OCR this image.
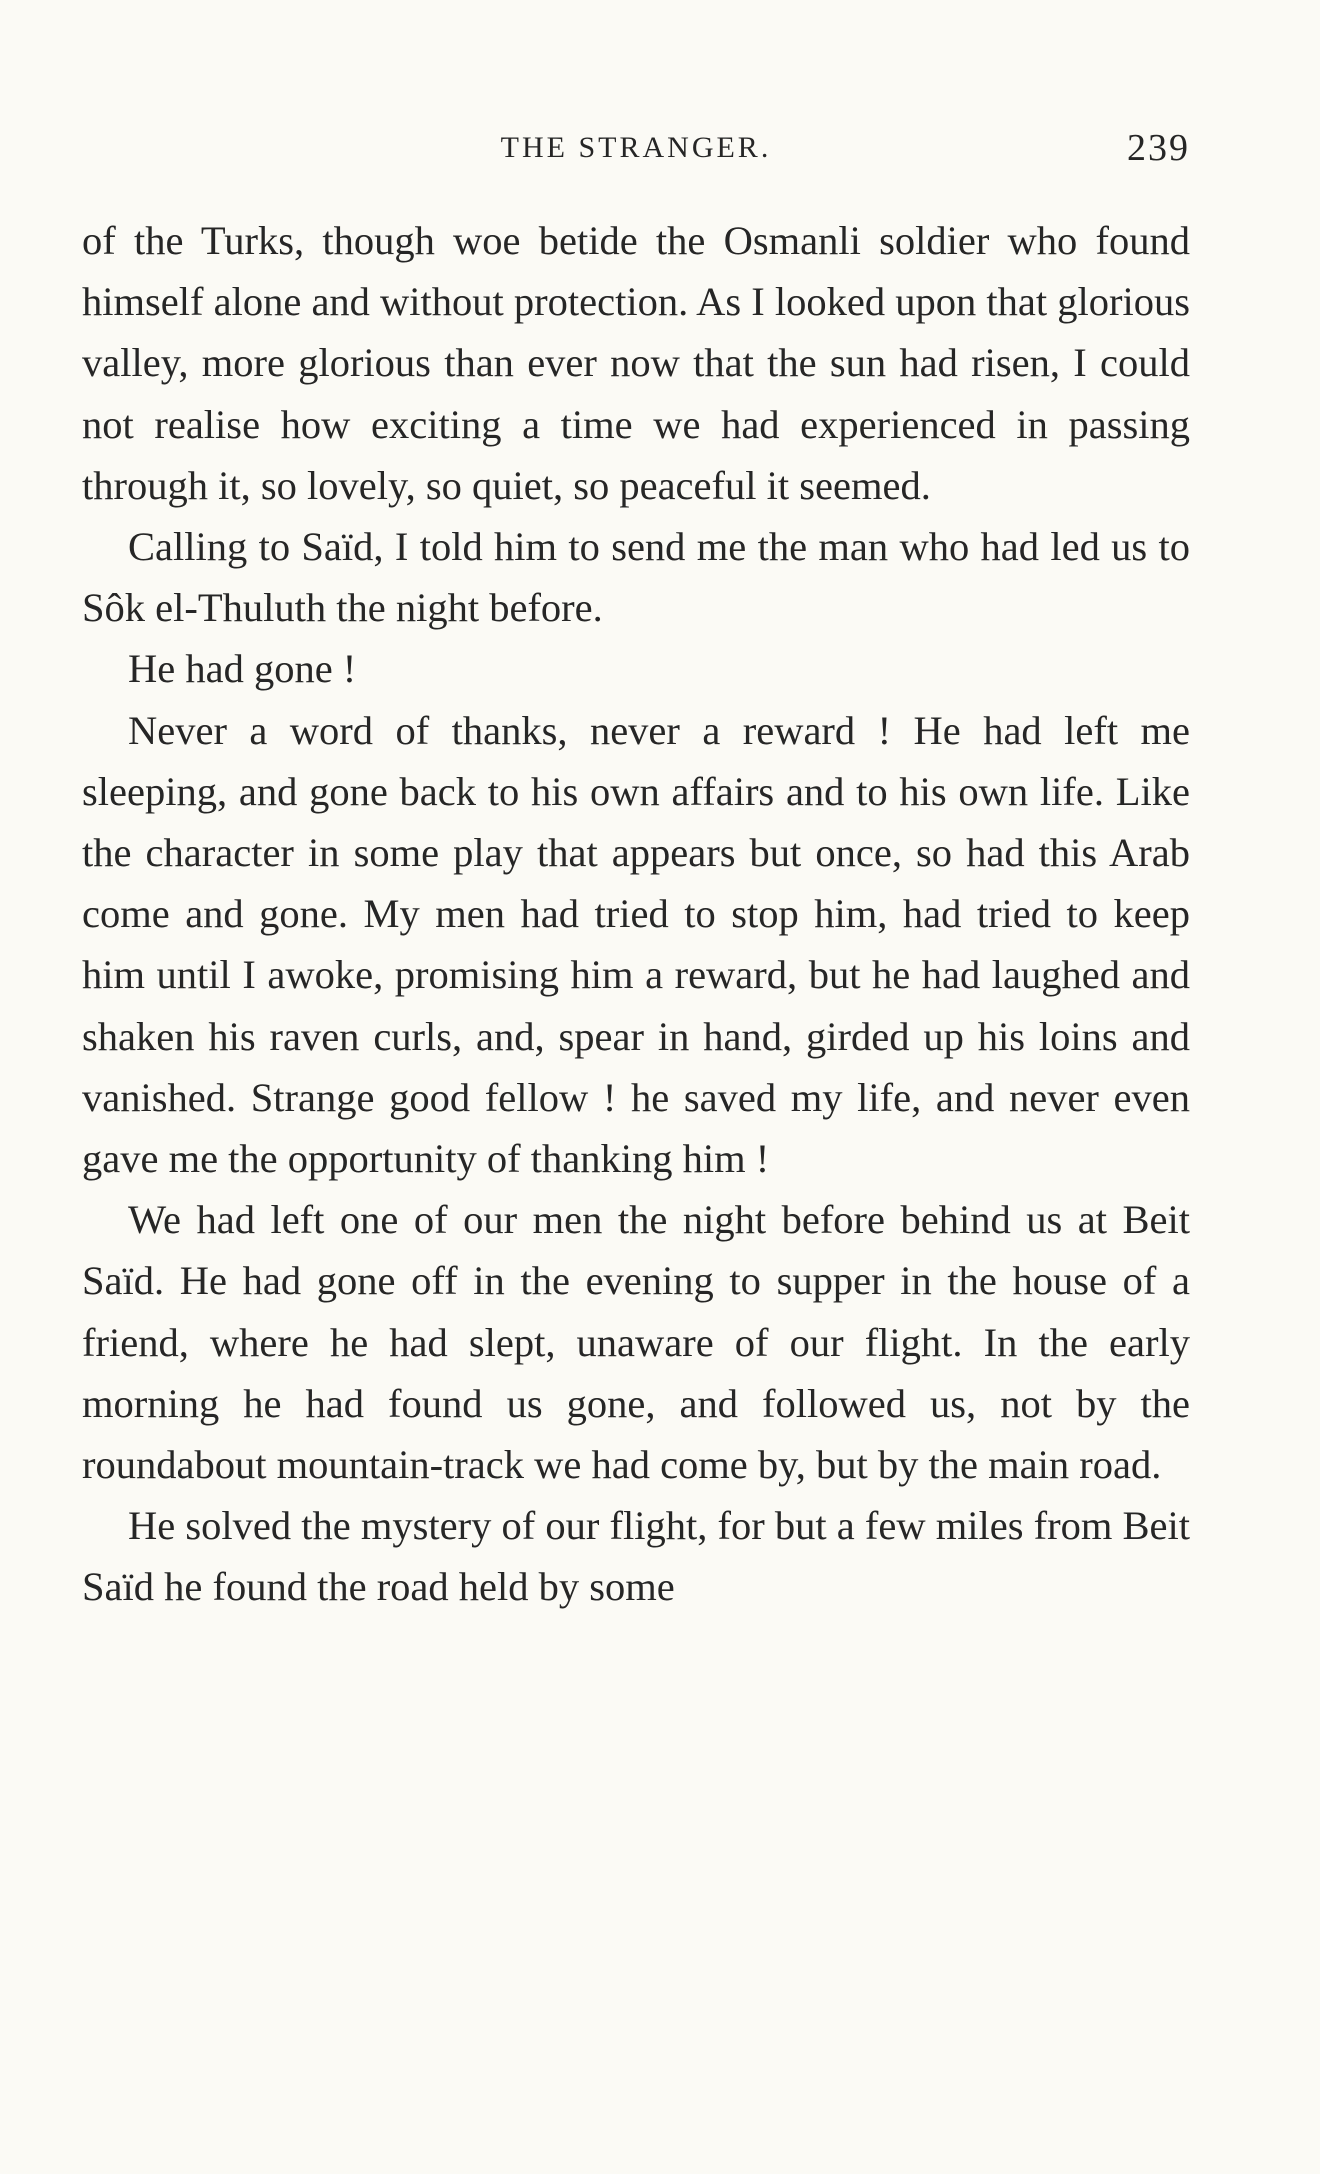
THE STRANGER.	239

of the Turks, though woe betide the Osmanli soldier who found himself alone and without protection. As I looked upon that glorious valley, more glorious than ever now that the sun had risen, I could not realise how exciting a time we had experienced in passing through it, so lovely, so quiet, so peaceful it seemed.

Calling to Saïd, I told him to send me the man who had led us to Sôk el-Thuluth the night before.

He had gone !

Never a word of thanks, never a reward ! He had left me sleeping, and gone back to his own affairs and to his own life. Like the character in some play that appears but once, so had this Arab come and gone. My men had tried to stop him, had tried to keep him until I awoke, promising him a reward, but he had laughed and shaken his raven curls, and, spear in hand, girded up his loins and vanished. Strange good fellow ! he saved my life, and never even gave me the opportunity of thanking him !

We had left one of our men the night before behind us at Beit Saïd. He had gone off in the evening to supper in the house of a friend, where he had slept, unaware of our flight. In the early morning he had found us gone, and followed us, not by the roundabout mountain-track we had come by, but by the main road.

He solved the mystery of our flight, for but a few miles from Beit Saïd he found the road held by some
